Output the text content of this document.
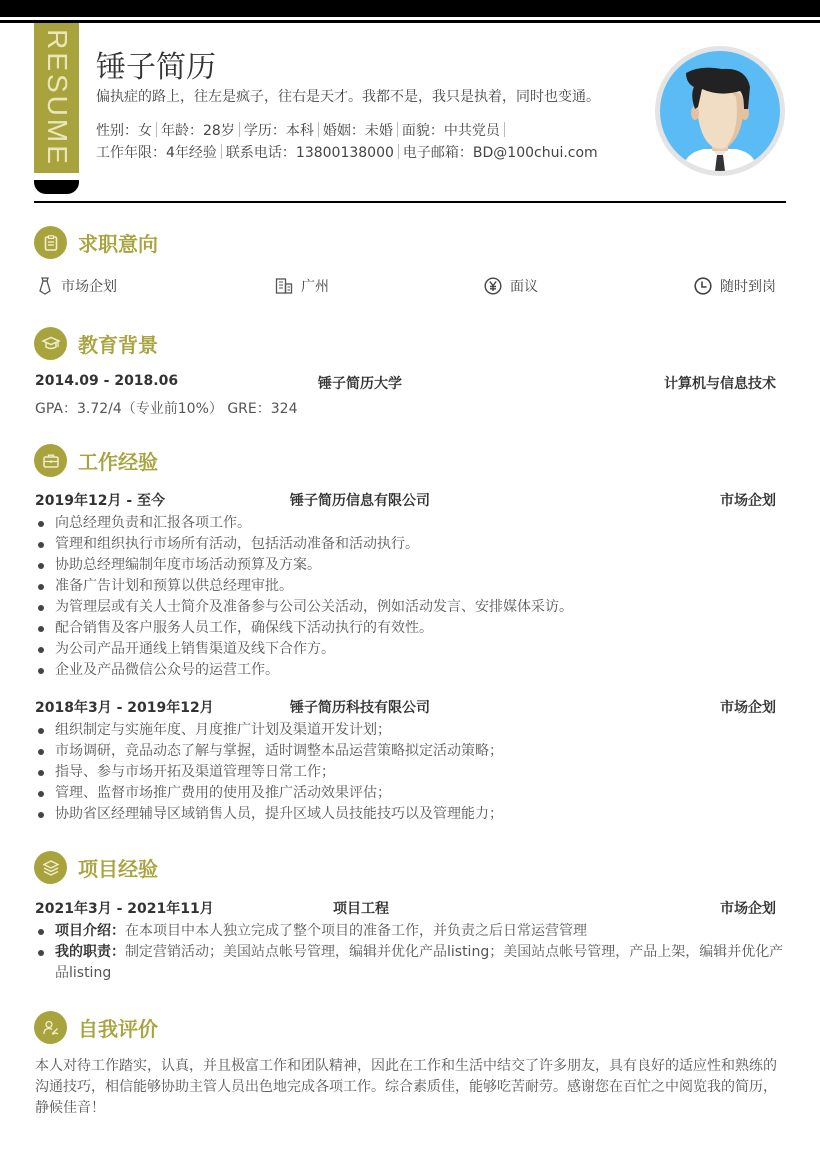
RESUME 锤子简历
偏执症的路上，往左是疯子，往右是天才。我都不是，我只是执着，同时也变通。
性别：女 年龄：28岁 学历：本科 婚姻：未婚 面貌：中共党员
工作年限：4年经验 联系电话：13800138000 电子邮箱：BD@100chui.com
求职意向
市场企划	广州	面议	随时到岗
教育背景
2014.09 - 2018.06	锤子简历大学	计算机与信息技术
GPA：3.72/4（专业前10%） GRE：324
工作经验
2019年12月 - 至今	锤子简历信息有限公司	市场企划
向总经理负责和汇报各项工作。
管理和组织执行市场所有活动，包括活动准备和活动执行。
协助总经理编制年度市场活动预算及方案。
准备广告计划和预算以供总经理审批。
为管理层或有关人士简介及准备参与公司公关活动，例如活动发言、安排媒体采访。
配合销售及客户服务人员工作，确保线下活动执行的有效性。
为公司产品开通线上销售渠道及线下合作方。
企业及产品微信公众号的运营工作。
2018年3月 - 2019年12月	锤子简历科技有限公司	市场企划
组织制定与实施年度、月度推广计划及渠道开发计划；
市场调研，竞品动态了解与掌握，适时调整本品运营策略拟定活动策略；
指导、参与市场开拓及渠道管理等日常工作；
管理、监督市场推广费用的使用及推广活动效果评估；
协助省区经理辅导区域销售人员，提升区域人员技能技巧以及管理能力；
项目经验
2021年3月 - 2021年11月	项目工程	市场企划
项目介绍：在本项目中本人独立完成了整个项目的准备工作，并负责之后日常运营管理
我的职责：制定营销活动；美国站点帐号管理，编辑并优化产品listing；美国站点帐号管理，产品上架，编辑并优化产品listing
自我评价
本人对待工作踏实，认真，并且极富工作和团队精神，因此在工作和生活中结交了许多朋友，具有良好的适应性和熟练的沟通技巧，相信能够协助主管人员出色地完成各项工作。综合素质佳，能够吃苦耐劳。感谢您在百忙之中阅览我的简历，静候佳音！
